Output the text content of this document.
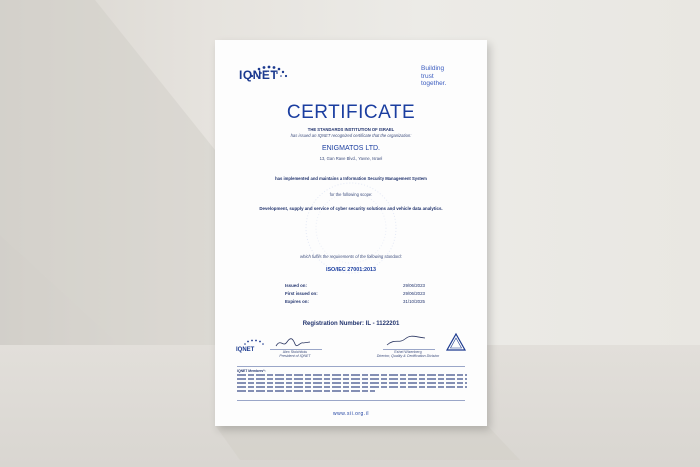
IQNET	Building
trust
together.
CERTIFICATE
THE STANDARDS INSTITUTION OF ISRAEL
has issued an IQNET recognized certificate that the organization:
ENIGMATOS LTD.
13, Gan Rave Blvd., Yavne, Israel
has implemented and maintains a Information Security Management System
for the following scope:
Development, supply and service of cyber security solutions and vehicle data analytics.
which fulfils the requirements of the following standard:
ISO/IEC 27001:2013
Issued on:	29/06/2023
First issued on:	29/06/2023
Expires on:	31/10/2025
Registration Number: IL - 1122201
IQNET	Alex Stoichitoiu
President of IQNET
Eshel Wizenberg
Director, Quality & Certification Division
IQNET Members*:
www.sii.org.il
